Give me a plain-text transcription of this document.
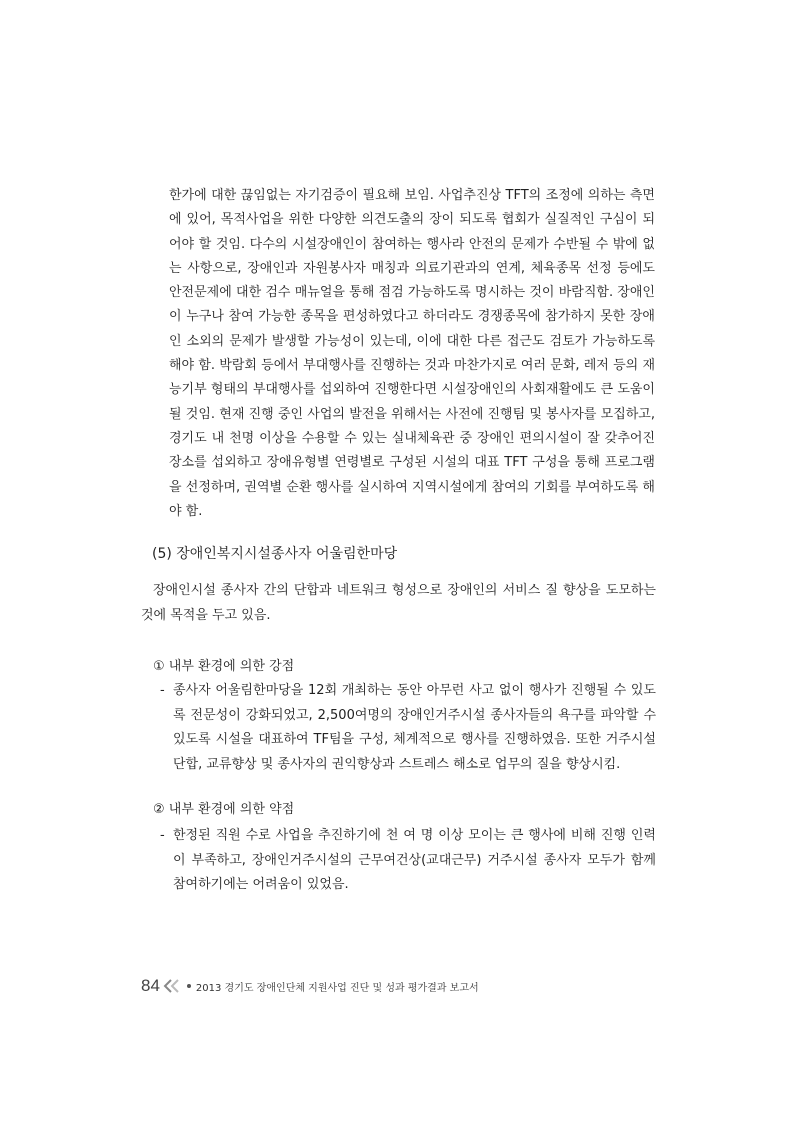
한가에 대한 끊임없는 자기검증이 필요해 보임. 사업추진상 TFT의 조정에 의하는 측면에 있어, 목적사업을 위한 다양한 의견도출의 장이 되도록 협회가 실질적인 구심이 되어야 할 것임. 다수의 시설장애인이 참여하는 행사라 안전의 문제가 수반될 수 밖에 없는 사항으로, 장애인과 자원봉사자 매칭과 의료기관과의 연계, 체육종목 선정 등에도 안전문제에 대한 검수 매뉴얼을 통해 점검 가능하도록 명시하는 것이 바람직함. 장애인이 누구나 참여 가능한 종목을 편성하였다고 하더라도 경쟁종목에 참가하지 못한 장애인 소외의 문제가 발생할 가능성이 있는데, 이에 대한 다른 접근도 검토가 가능하도록 해야 함. 박람회 등에서 부대행사를 진행하는 것과 마찬가지로 여러 문화, 레저 등의 재능기부 형태의 부대행사를 섭외하여 진행한다면 시설장애인의 사회재활에도 큰 도움이 될 것임. 현재 진행 중인 사업의 발전을 위해서는 사전에 진행팀 및 봉사자를 모집하고, 경기도 내 천명 이상을 수용할 수 있는 실내체육관 중 장애인 편의시설이 잘 갖추어진 장소를 섭외하고 장애유형별 연령별로 구성된 시설의 대표 TFT 구성을 통해 프로그램을 선정하며, 권역별 순환 행사를 실시하여 지역시설에게 참여의 기회를 부여하도록 해야 함.

(5) 장애인복지시설종사자 어울림한마당

장애인시설 종사자 간의 단합과 네트워크 형성으로 장애인의 서비스 질 향상을 도모하는 것에 목적을 두고 있음.

① 내부 환경에 의한 강점
- 종사자 어울림한마당을 12회 개최하는 동안 아무런 사고 없이 행사가 진행될 수 있도록 전문성이 강화되었고, 2,500여명의 장애인거주시설 종사자들의 욕구를 파악할 수 있도록 시설을 대표하여 TF팀을 구성, 체계적으로 행사를 진행하였음. 또한 거주시설 단합, 교류향상 및 종사자의 권익향상과 스트레스 해소로 업무의 질을 향상시킴.
② 내부 환경에 의한 약점
- 한정된 직원 수로 사업을 추진하기에 천 여 명 이상 모이는 큰 행사에 비해 진행 인력이 부족하고, 장애인거주시설의 근무여건상(교대근무) 거주시설 종사자 모두가 함께 참여하기에는 어려움이 있었음.
84	2013 경기도 장애인단체 지원사업 진단 및 성과 평가결과 보고서
